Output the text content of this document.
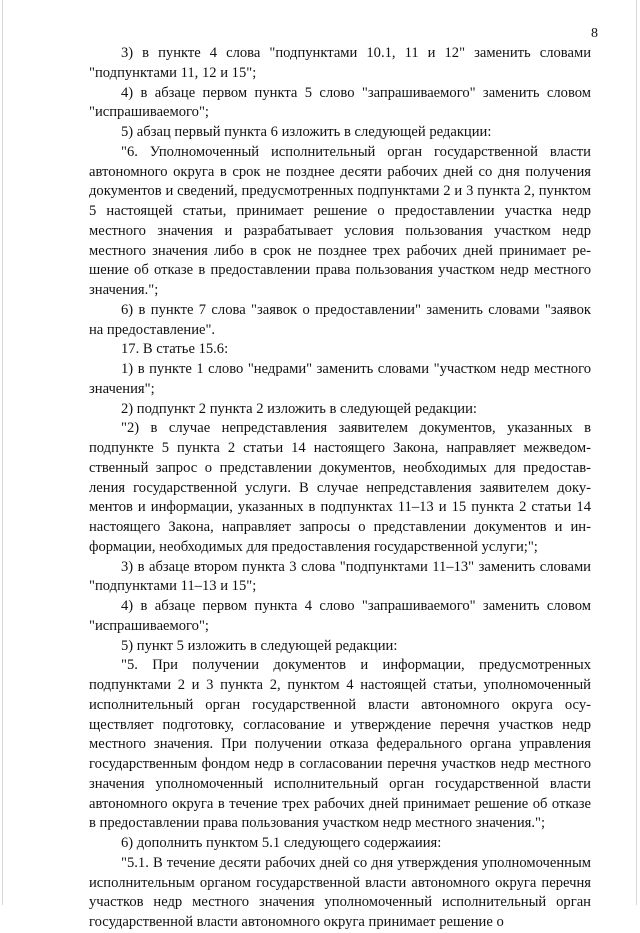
8

3) в пункте 4 слова "подпунктами 10.1, 11 и 12" заменить словами "подпунктами 11, 12 и 15";

4) в абзаце первом пункта 5 слово "запрашиваемого" заменить словом "испрашиваемого";

5) абзац первый пункта 6 изложить в следующей редакции:

"6. Уполномоченный исполнительный орган государственной власти автономного округа в срок не позднее десяти рабочих дней со дня получения документов и сведений, предусмотренных подпунктами 2 и 3 пункта 2, пунктом 5 настоящей статьи, принимает решение о предоставлении участка недр местного значения и разрабатывает условия пользования участком недр местного значения либо в срок не позднее трех рабочих дней принимает решение об отказе в предоставлении права пользования участком недр местного значения.";

6) в пункте 7 слова "заявок о предоставлении" заменить словами "заявок на предоставление".

17. В статье 15.6:

1) в пункте 1 слово "недрами" заменить словами "участком недр местного значения";

2) подпункт 2 пункта 2 изложить в следующей редакции:

"2) в случае непредставления заявителем документов, указанных в подпункте 5 пункта 2 статьи 14 настоящего Закона, направляет межведомственный запрос о представлении документов, необходимых для предоставления государственной услуги. В случае непредставления заявителем документов и информации, указанных в подпунктах 11–13 и 15 пункта 2 статьи 14 настоящего Закона, направляет запросы о представлении документов и информации, необходимых для предоставления государственной услуги;";

3) в абзаце втором пункта 3 слова "подпунктами 11–13" заменить словами "подпунктами 11–13 и 15";

4) в абзаце первом пункта 4 слово "запрашиваемого" заменить словом "испрашиваемого";

5) пункт 5 изложить в следующей редакции:

"5. При получении документов и информации, предусмотренных подпунктами 2 и 3 пункта 2, пунктом 4 настоящей статьи, уполномоченный исполнительный орган государственной власти автономного округа осуществляет подготовку, согласование и утверждение перечня участков недр местного значения. При получении отказа федерального органа управления государственным фондом недр в согласовании перечня участков недр местного значения уполномоченный исполнительный орган государственной власти автономного округа в течение трех рабочих дней принимает решение об отказе в предоставлении права пользования участком недр местного значения.";

6) дополнить пунктом 5.1 следующего содержаиия:

"5.1. В течение десяти рабочих дней со дня утверждения уполномоченным исполнительным органом государственной власти автономного округа перечня участков недр местного значения уполномоченный исполнительный орган государственной власти автономного округа принимает решение о
